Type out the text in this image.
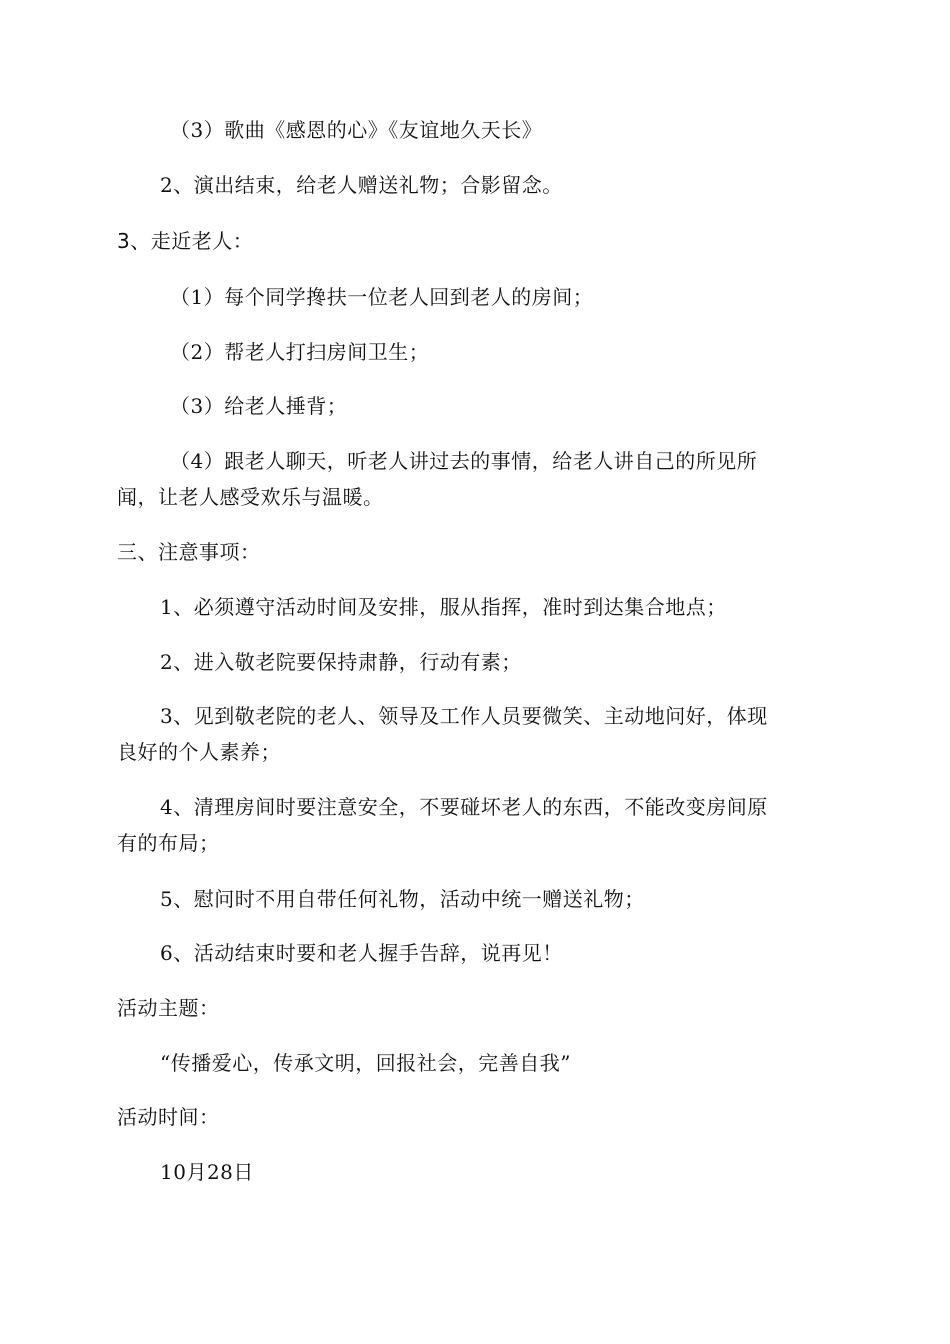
（3）歌曲《感恩的心》《友谊地久天长》
2、演出结束，给老人赠送礼物；合影留念。
3、走近老人：
（1）每个同学搀扶一位老人回到老人的房间；
（2）帮老人打扫房间卫生；
（3）给老人捶背；
（4）跟老人聊天，听老人讲过去的事情，给老人讲自己的所见所
闻，让老人感受欢乐与温暖。
三、注意事项：
1、必须遵守活动时间及安排，服从指挥，准时到达集合地点；
2、进入敬老院要保持肃静，行动有素；
3、见到敬老院的老人、领导及工作人员要微笑、主动地问好，体现
良好的个人素养；
4、清理房间时要注意安全，不要碰坏老人的东西，不能改变房间原
有的布局；
5、慰问时不用自带任何礼物，活动中统一赠送礼物；
6、活动结束时要和老人握手告辞，说再见！
活动主题：
“传播爱心，传承文明，回报社会，完善自我”
活动时间：
10月28日
